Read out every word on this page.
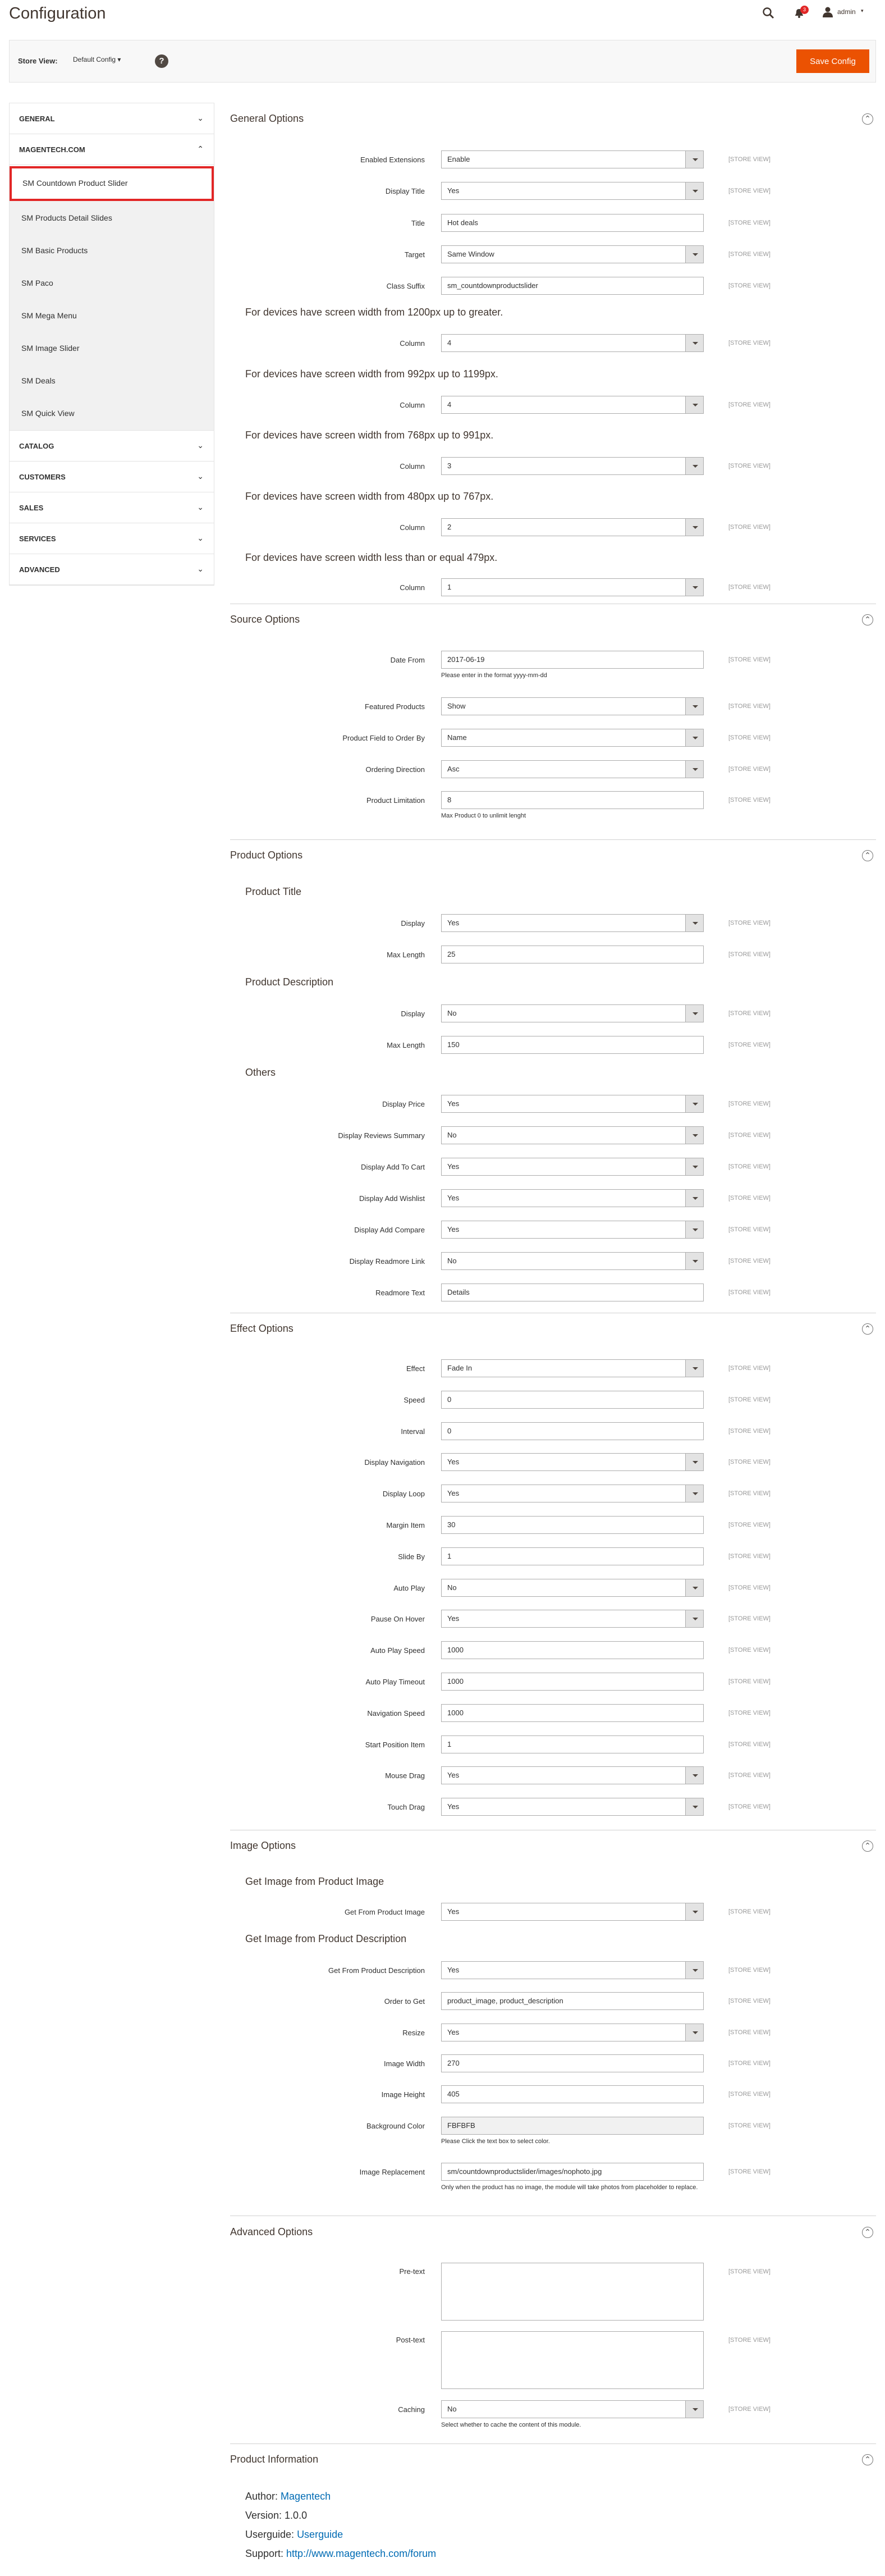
Configuration	3	admin ▾
Store View: Default Config ▾	?	Save Config
GENERAL	⌄
MAGENTECH.COM	⌃
SM Countdown Product Slider
SM Products Detail Slides
SM Basic Products
SM Paco
SM Mega Menu
SM Image Slider
SM Deals
SM Quick View
CATALOG	⌄
CUSTOMERS	⌄
SALES	⌄
SERVICES	⌄
ADVANCED	⌄
General Options	⌃
Enabled Extensions	Enable	[STORE VIEW]
Display Title	Yes	[STORE VIEW]
Title	Hot deals	[STORE VIEW]
Target	Same Window	[STORE VIEW]
Class Suffix	sm_countdownproductslider	[STORE VIEW]
For devices have screen width from 1200px up to greater.
Column	4	[STORE VIEW]
For devices have screen width from 992px up to 1199px.
Column	4	[STORE VIEW]
For devices have screen width from 768px up to 991px.
Column	3	[STORE VIEW]
For devices have screen width from 480px up to 767px.
Column	2	[STORE VIEW]
For devices have screen width less than or equal 479px.
Column	1	[STORE VIEW]
Source Options	⌃
Date From	2017-06-19	[STORE VIEW]
Please enter in the format yyyy-mm-dd
Featured Products	Show	[STORE VIEW]
Product Field to Order By	Name	[STORE VIEW]
Ordering Direction	Asc	[STORE VIEW]
Product Limitation	8	[STORE VIEW]
Max Product 0 to unlimit lenght
Product Options	⌃
Product Title
Display	Yes	[STORE VIEW]
Max Length	25	[STORE VIEW]
Product Description
Display	No	[STORE VIEW]
Max Length	150	[STORE VIEW]
Others
Display Price	Yes	[STORE VIEW]
Display Reviews Summary	No	[STORE VIEW]
Display Add To Cart	Yes	[STORE VIEW]
Display Add Wishlist	Yes	[STORE VIEW]
Display Add Compare	Yes	[STORE VIEW]
Display Readmore Link	No	[STORE VIEW]
Readmore Text	Details	[STORE VIEW]
Effect Options	⌃
Effect	Fade In	[STORE VIEW]
Speed	0	[STORE VIEW]
Interval	0	[STORE VIEW]
Display Navigation	Yes	[STORE VIEW]
Display Loop	Yes	[STORE VIEW]
Margin Item	30	[STORE VIEW]
Slide By	1	[STORE VIEW]
Auto Play	No	[STORE VIEW]
Pause On Hover	Yes	[STORE VIEW]
Auto Play Speed	1000	[STORE VIEW]
Auto Play Timeout	1000	[STORE VIEW]
Navigation Speed	1000	[STORE VIEW]
Start Position Item	1	[STORE VIEW]
Mouse Drag	Yes	[STORE VIEW]
Touch Drag	Yes	[STORE VIEW]
Image Options	⌃
Get Image from Product Image
Get From Product Image	Yes	[STORE VIEW]
Get Image from Product Description
Get From Product Description	Yes	[STORE VIEW]
Order to Get	product_image, product_description	[STORE VIEW]
Resize	Yes	[STORE VIEW]
Image Width	270	[STORE VIEW]
Image Height	405	[STORE VIEW]
Background Color	FBFBFB	[STORE VIEW]
Please Click the text box to select color.
Image Replacement	sm/countdownproductslider/images/nophoto.jpg	[STORE VIEW]
Only when the product has no image, the module will take photos from placeholder to replace.
Advanced Options	⌃
Pre-text	[STORE VIEW]
Post-text	[STORE VIEW]
Caching	No	[STORE VIEW]
Select whether to cache the content of this module.
Product Information	⌃
Author: Magentech
Version: 1.0.0
Userguide: Userguide
Support: http://www.magentech.com/forum
